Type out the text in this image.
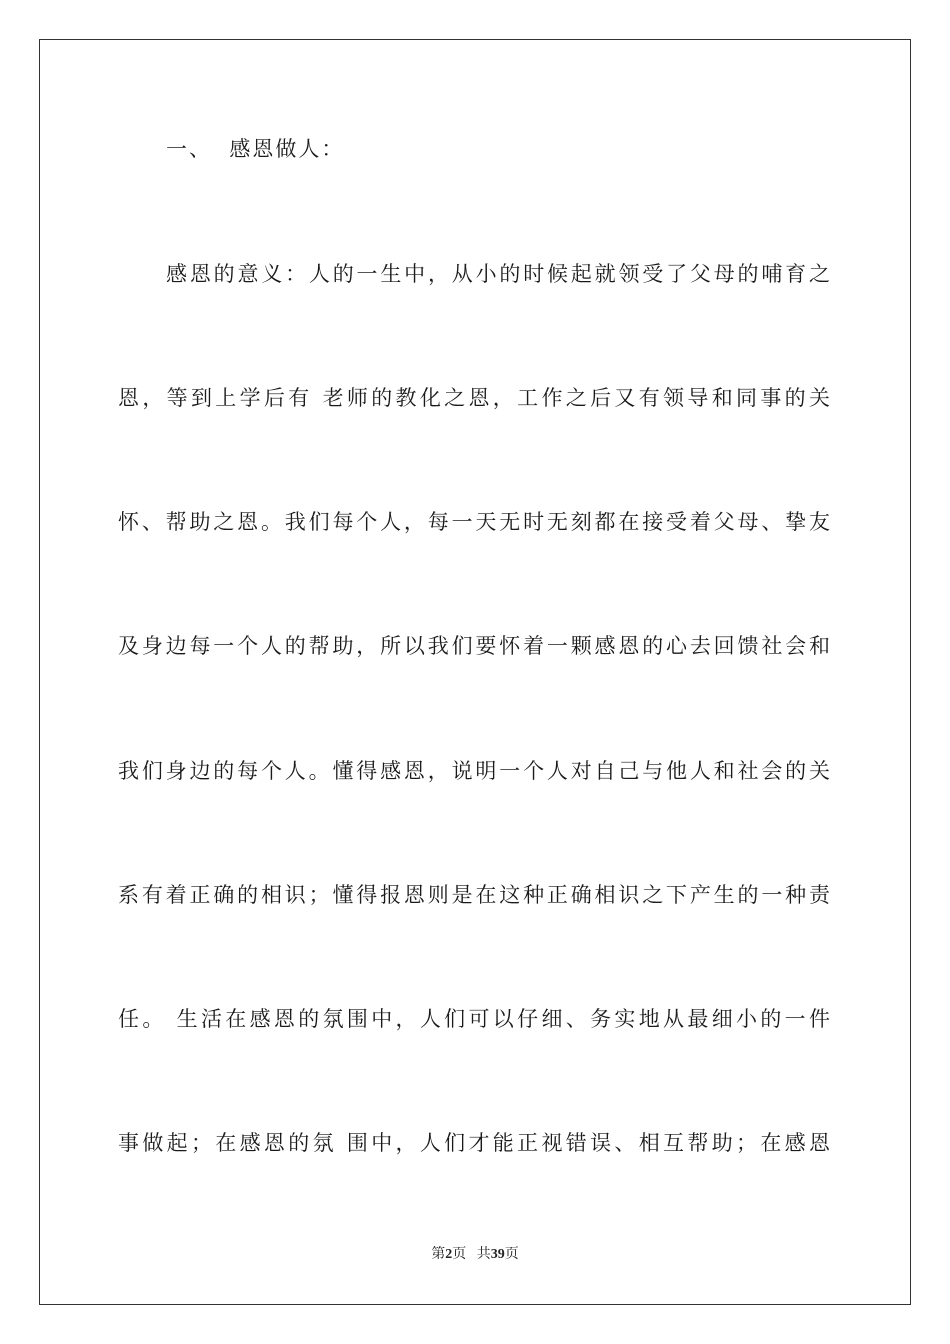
一、  感恩做人：
感恩的意义：人的一生中，从小的时候起就领受了父母的哺育之
恩，等到上学后有 老师的教化之恩，工作之后又有领导和同事的关
怀、帮助之恩。我们每个人，每一天无时无刻都在接受着父母、挚友
及身边每一个人的帮助，所以我们要怀着一颗感恩的心去回馈社会和
我们身边的每个人。懂得感恩，说明一个人对自己与他人和社会的关
系有着正确的相识；懂得报恩则是在这种正确相识之下产生的一种责
任。 生活在感恩的氛围中，人们可以仔细、务实地从最细小的一件
事做起；在感恩的氛 围中，人们才能正视错误、相互帮助；在感恩
第2页 共39页
